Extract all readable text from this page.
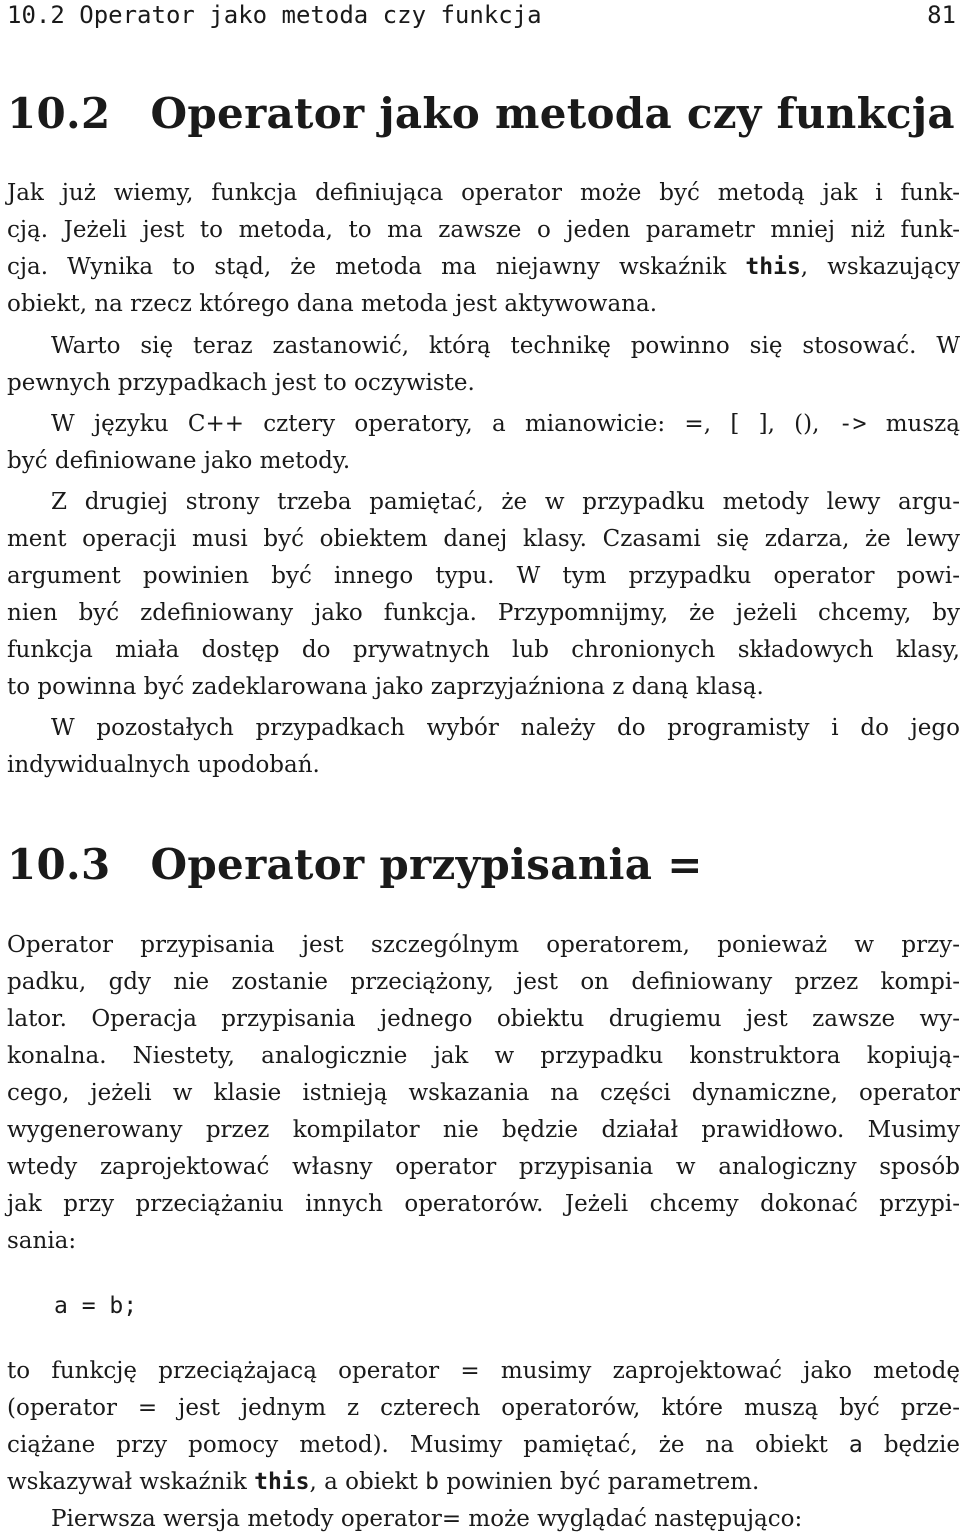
10.2 Operator jako metoda czy funkcja	81
10.2 Operator jako metoda czy funkcja
Jak już wiemy, funkcja definiująca operator może być metodą jak i funk-
cją. Jeżeli jest to metoda, to ma zawsze o jeden parametr mniej niż funk-
cja. Wynika to stąd, że metoda ma niejawny wskaźnik this, wskazujący
obiekt, na rzecz którego dana metoda jest aktywowana.
Warto się teraz zastanowić, którą technikę powinno się stosować. W
pewnych przypadkach jest to oczywiste.
W języku C++ cztery operatory, a mianowicie: =, [ ], (), -> muszą
być definiowane jako metody.
Z drugiej strony trzeba pamiętać, że w przypadku metody lewy argu-
ment operacji musi być obiektem danej klasy. Czasami się zdarza, że lewy
argument powinien być innego typu. W tym przypadku operator powi-
nien być zdefiniowany jako funkcja. Przypomnijmy, że jeżeli chcemy, by
funkcja miała dostęp do prywatnych lub chronionych składowych klasy,
to powinna być zadeklarowana jako zaprzyjaźniona z daną klasą.
W pozostałych przypadkach wybór należy do programisty i do jego
indywidualnych upodobań.
10.3 Operator przypisania =
Operator przypisania jest szczególnym operatorem, ponieważ w przy-
padku, gdy nie zostanie przeciążony, jest on definiowany przez kompi-
lator. Operacja przypisania jednego obiektu drugiemu jest zawsze wy-
konalna. Niestety, analogicznie jak w przypadku konstruktora kopiują-
cego, jeżeli w klasie istnieją wskazania na części dynamiczne, operator
wygenerowany przez kompilator nie będzie działał prawidłowo. Musimy
wtedy zaprojektować własny operator przypisania w analogiczny sposób
jak przy przeciążaniu innych operatorów. Jeżeli chcemy dokonać przypi-
sania:
a = b;
to funkcję przeciążajacą operator = musimy zaprojektować jako metodę
(operator = jest jednym z czterech operatorów, które muszą być prze-
ciążane przy pomocy metod). Musimy pamiętać, że na obiekt a będzie
wskazywał wskaźnik this, a obiekt b powinien być parametrem.
Pierwsza wersja metody operator= może wyglądać następująco:
